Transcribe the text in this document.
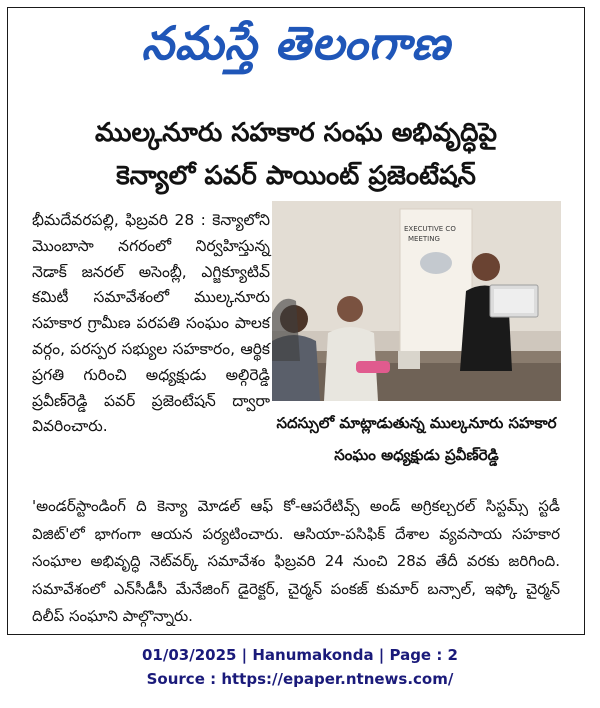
నమస్తే తెలంగాణ
ముల్కనూరు సహకార సంఘ అభివృద్ధిపై
కెన్యాలో పవర్ పాయింట్ ప్రజెంటేషన్

భీమదేవరపల్లి, ఫిబ్రవరి 28 : కెన్యాలోని మొంబాసా నగరంలో నిర్వహిస్తున్న నెడాక్ జనరల్ అసెంబ్లీ, ఎగ్జిక్యూటివ్ కమిటీ సమావేశంలో ముల్కనూరు సహకార గ్రామీణ పరపతి సంఘం పాలక వర్గం, పరస్పర సభ్యుల సహకారం, ఆర్థిక ప్రగతి గురించి అధ్యక్షుడు అల్గిరెడ్డి ప్రవీణ్‌రెడ్డి పవర్ ప్రజెంటేషన్ ద్వారా వివరించారు.

EXECUTIVE CO
MEETING
సదస్సులో మాట్లాడుతున్న ముల్కనూరు సహకార సంఘం అధ్యక్షుడు ప్రవీణ్‌రెడ్డి

'అండర్‌స్టాండింగ్ ది కెన్యా మోడల్ ఆఫ్ కో-ఆపరేటివ్స్ అండ్ అగ్రికల్చరల్ సిస్టమ్స్ స్టడీ విజిట్'లో భాగంగా ఆయన పర్యటించారు. ఆసియా-పసిఫిక్ దేశాల వ్యవసాయ సహకార సంఘాల అభివృద్ధి నెట్‌వర్క్ సమావేశం ఫిబ్రవరి 24 నుంచి 28వ తేదీ వరకు జరిగింది. సమావేశంలో ఎన్‌సీడీసీ మేనేజింగ్ డైరెక్టర్, చైర్మన్ పంకజ్ కుమార్ బన్సాల్, ఇఫ్కో చైర్మన్ దిలీప్ సంఘాని పాల్గొన్నారు.

01/03/2025 | Hanumakonda | Page : 2
Source : https://epaper.ntnews.com/
